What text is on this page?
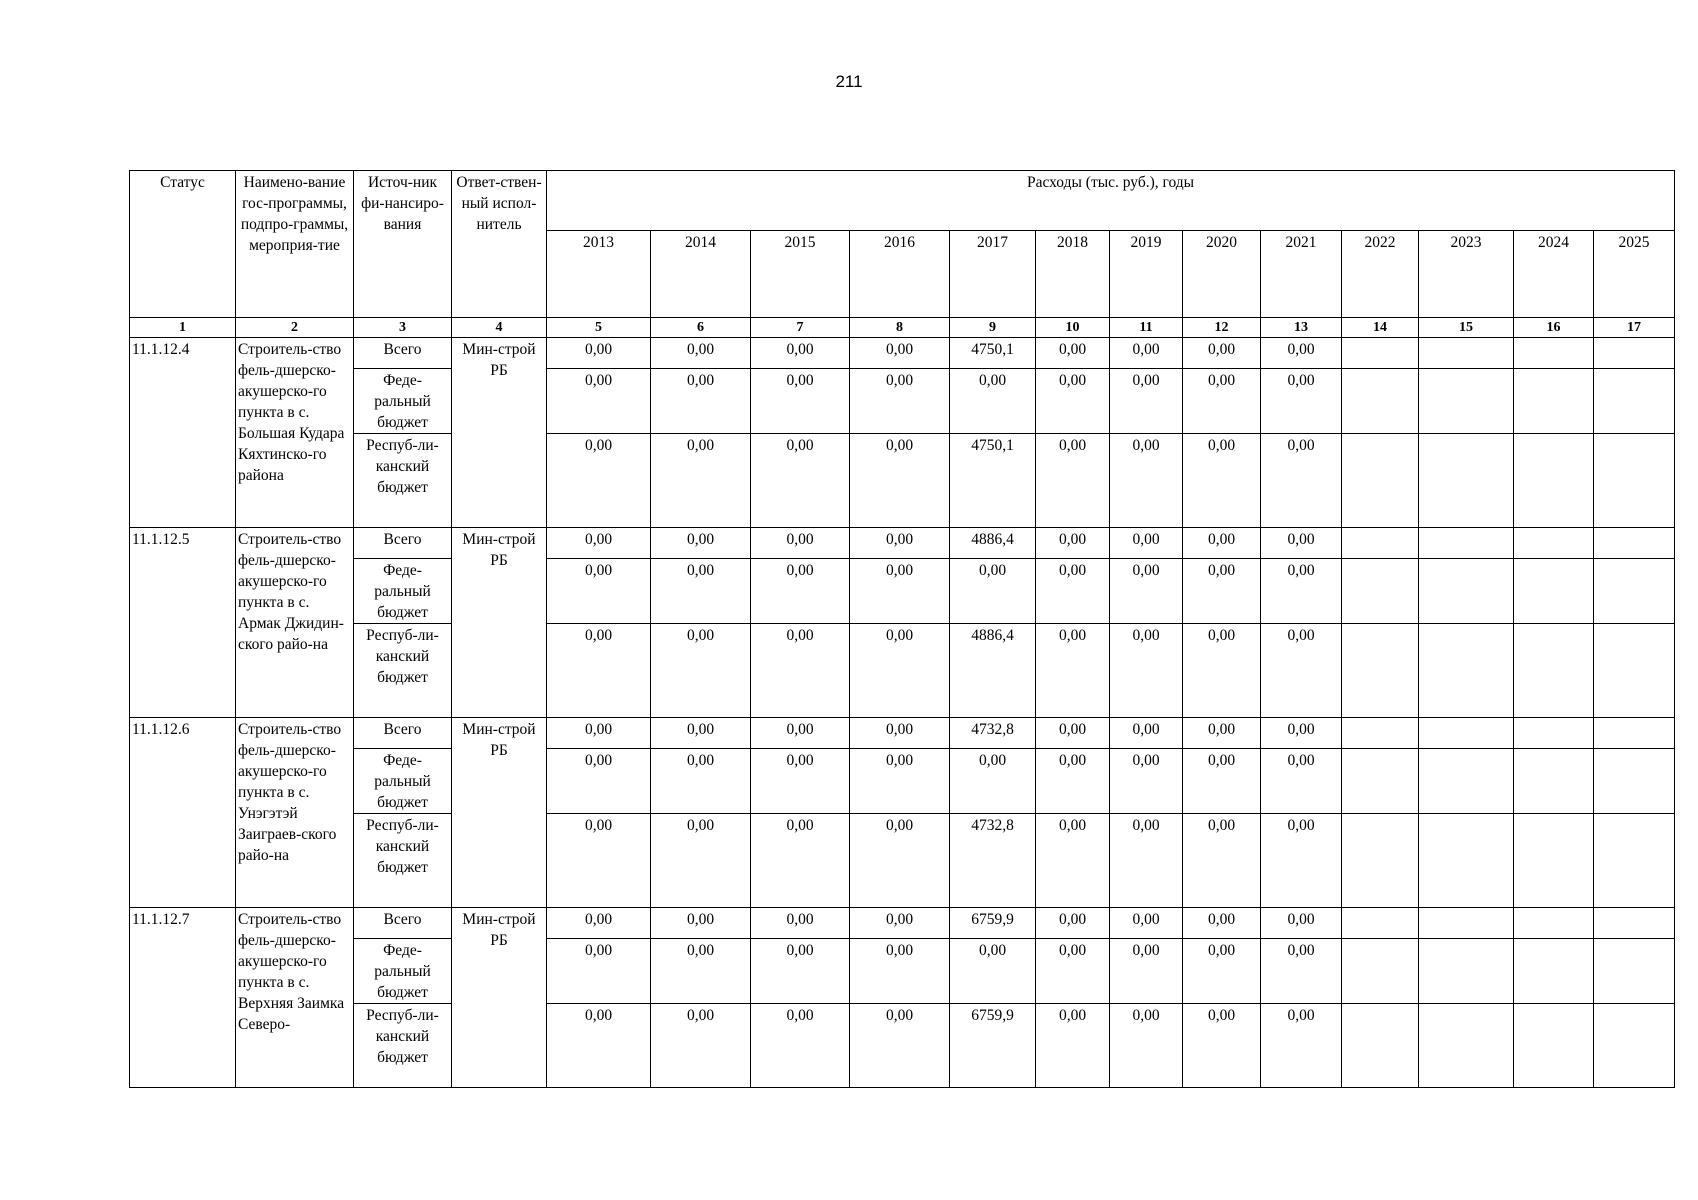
211
Статус	Наимено-вание гос-программы, подпро-граммы, мероприя-тие	Источ-ник фи-нансиро-вания	Ответ-ствен-ный испол-нитель	Расходы (тыс. руб.), годы												
				2013	2014	2015	2016	2017	2018	2019	2020	2021	2022	2023	2024	2025
1	2	3	4	5	6	7	8	9	10	11	12	13	14	15	16	17
11.1.12.4	Строитель-ство фель-дшерско-акушерско-го пункта в с. Большая Кудара Кяхтинско-го района	Всего	Мин-строй РБ	0,00	0,00	0,00	0,00	4750,1	0,00	0,00	0,00	0,00				
		Феде-ральный бюджет		0,00	0,00	0,00	0,00	0,00	0,00	0,00	0,00	0,00				
		Респуб-ли-канский бюджет		0,00	0,00	0,00	0,00	4750,1	0,00	0,00	0,00	0,00				
11.1.12.5	Строитель-ство фель-дшерско-акушерско-го пункта в с. Армак Джидин-ского райо-на	Всего	Мин-строй РБ	0,00	0,00	0,00	0,00	4886,4	0,00	0,00	0,00	0,00				
		Феде-ральный бюджет		0,00	0,00	0,00	0,00	0,00	0,00	0,00	0,00	0,00				
		Респуб-ли-канский бюджет		0,00	0,00	0,00	0,00	4886,4	0,00	0,00	0,00	0,00				
11.1.12.6	Строитель-ство фель-дшерско-акушерско-го пункта в с. Унэгэтэй Заиграев-ского райо-на	Всего	Мин-строй РБ	0,00	0,00	0,00	0,00	4732,8	0,00	0,00	0,00	0,00				
		Феде-ральный бюджет		0,00	0,00	0,00	0,00	0,00	0,00	0,00	0,00	0,00				
		Респуб-ли-канский бюджет		0,00	0,00	0,00	0,00	4732,8	0,00	0,00	0,00	0,00				
11.1.12.7	Строитель-ство фель-дшерско-акушерско-го пункта в с. Верхняя Заимка Северо-	Всего	Мин-строй РБ	0,00	0,00	0,00	0,00	6759,9	0,00	0,00	0,00	0,00				
		Феде-ральный бюджет		0,00	0,00	0,00	0,00	0,00	0,00	0,00	0,00	0,00				
		Респуб-ли-канский бюджет		0,00	0,00	0,00	0,00	6759,9	0,00	0,00	0,00	0,00				
